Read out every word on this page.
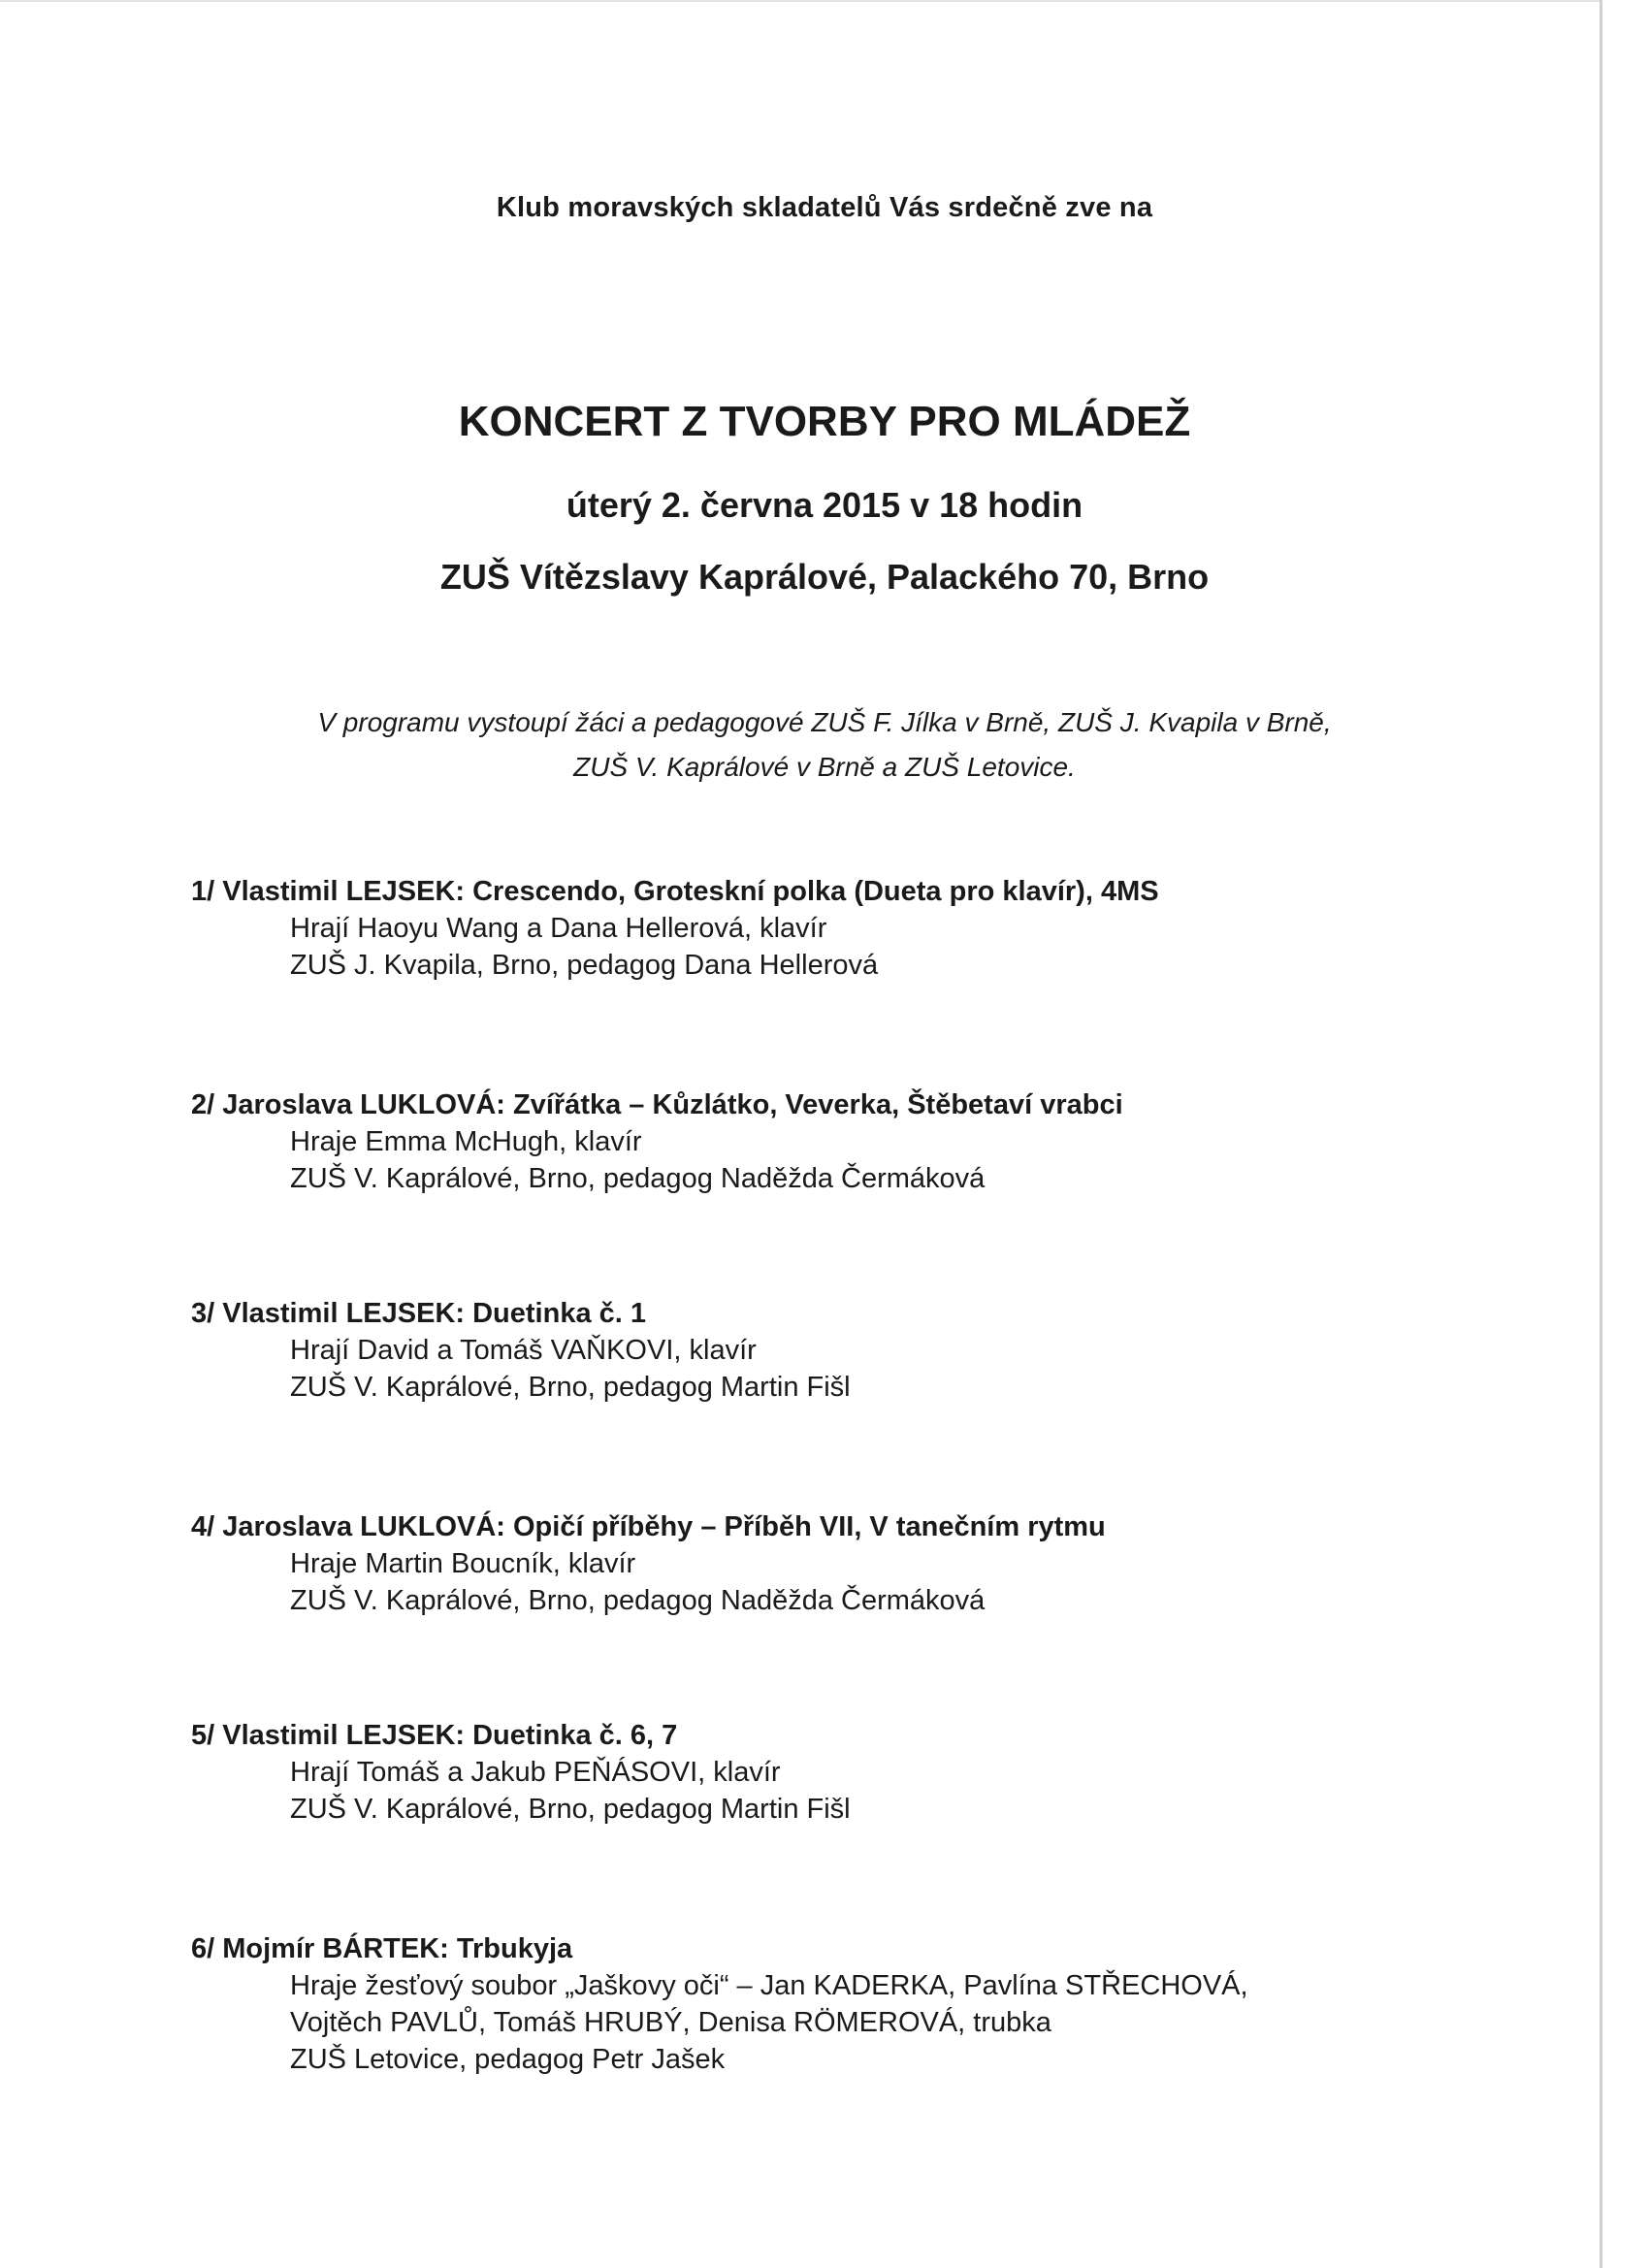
Klub moravských skladatelů Vás srdečně zve na
KONCERT Z TVORBY PRO MLÁDEŽ
úterý 2. června 2015 v 18 hodin
ZUŠ Vítězslavy Kaprálové, Palackého 70, Brno
V programu vystoupí žáci a pedagogové ZUŠ F. Jílka v Brně, ZUŠ J. Kvapila v Brně,
ZUŠ V. Kaprálové v Brně a ZUŠ Letovice.
1/ Vlastimil LEJSEK: Crescendo, Groteskní polka (Dueta pro klavír), 4MS
Hrají Haoyu Wang a Dana Hellerová, klavír
ZUŠ J. Kvapila, Brno, pedagog Dana Hellerová
2/ Jaroslava LUKLOVÁ: Zvířátka – Kůzlátko, Veverka, Štěbetaví vrabci
Hraje Emma McHugh, klavír
ZUŠ V. Kaprálové, Brno, pedagog Naděžda Čermáková
3/ Vlastimil LEJSEK: Duetinka č. 1
Hrají David a Tomáš VAŇKOVI, klavír
ZUŠ V. Kaprálové, Brno, pedagog Martin Fišl
4/ Jaroslava LUKLOVÁ: Opičí příběhy – Příběh VII, V tanečním rytmu
Hraje Martin Boucník, klavír
ZUŠ V. Kaprálové, Brno, pedagog Naděžda Čermáková
5/ Vlastimil LEJSEK: Duetinka č. 6, 7
Hrají Tomáš a Jakub PEŇÁSOVI, klavír
ZUŠ V. Kaprálové, Brno, pedagog Martin Fišl
6/ Mojmír BÁRTEK: Trbukyja
Hraje žesťový soubor „Jaškovy oči“ – Jan KADERKA, Pavlína STŘECHOVÁ,
Vojtěch PAVLŮ, Tomáš HRUBÝ, Denisa RÖMEROVÁ, trubka
ZUŠ Letovice, pedagog Petr Jašek
